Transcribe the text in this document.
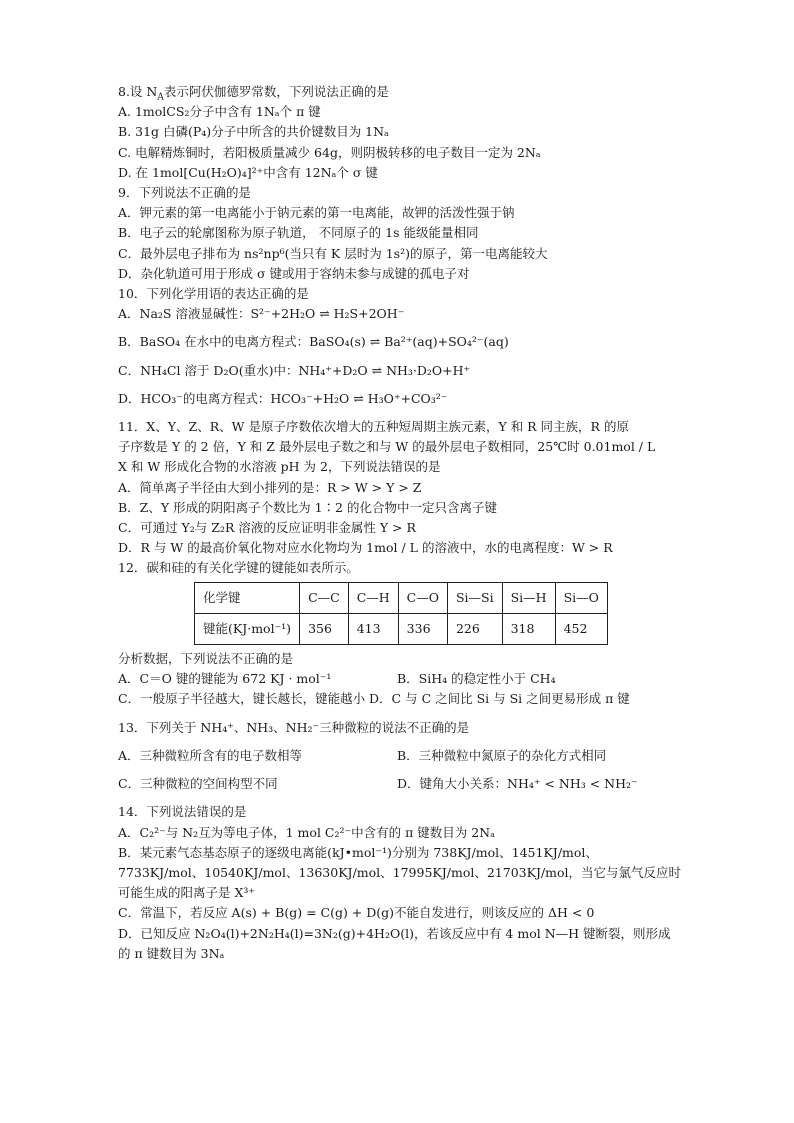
8.设 $N_A$表示阿伏伽德罗常数，下列说法正确的是
A. 1molCS₂分子中含有 1Nₐ个 π 键
B. 31g 白磷(P₄)分子中所含的共价键数目为 1Nₐ
C. 电解精炼铜时，若阳极质量减少 64g，则阴极转移的电子数目一定为 2Nₐ
D. 在 1mol[Cu(H₂O)₄]²⁺中含有 12Nₐ个 σ 键
9．下列说法不正确的是
A．钾元素的第一电离能小于钠元素的第一电离能，故钾的活泼性强于钠
B．电子云的轮廓图称为原子轨道， 不同原子的 1s 能级能量相同
C．最外层电子排布为 ns²np⁶(当只有 K 层时为 1s²)的原子，第一电离能较大
D．杂化轨道可用于形成 σ 键或用于容纳未参与成键的孤电子对
10．下列化学用语的表达正确的是
A．Na₂S 溶液显碱性：S²⁻+2H₂O ⇌ H₂S+2OH⁻
B．BaSO₄ 在水中的电离方程式：BaSO₄(s) ⇌ Ba²⁺(aq)+SO₄²⁻(aq)
C．NH₄Cl 溶于 D₂O(重水)中：NH₄⁺+D₂O ⇌ NH₃·D₂O+H⁺
D．HCO₃⁻的电离方程式：HCO₃⁻+H₂O ⇌ H₃O⁺+CO₃²⁻
11．X、Y、Z、R、W 是原子序数依次增大的五种短周期主族元素，Y 和 R 同主族，R 的原
子序数是 Y 的 2 倍，Y 和 Z 最外层电子数之和与 W 的最外层电子数相同，25℃时 0.01mol / L
X 和 W 形成化合物的水溶液 pH 为 2，下列说法错误的是
A．简单离子半径由大到小排列的是：R > W > Y > Z
B．Z、Y 形成的阴阳离子个数比为 1∶2 的化合物中一定只含离子键
C．可通过 Y₂与 Z₂R 溶液的反应证明非金属性 Y > R
D．R 与 W 的最高价氧化物对应水化物均为 1mol / L 的溶液中，水的电离程度：W > R
12．碳和硅的有关化学键的键能如表所示。
化学键	C—C	C—H	C—O	Si—Si	Si—H	Si—O
键能(KJ·mol⁻¹)	356	413	336	226	318	452
分析数据，下列说法不正确的是
A．C＝O 键的键能为 672 KJ · mol⁻¹	B．SiH₄ 的稳定性小于 CH₄
C．一般原子半径越大，键长越长，键能越小 D．C 与 C 之间比 Si 与 Si 之间更易形成 π 键
13．下列关于 NH₄⁺、NH₃、NH₂⁻三种微粒的说法不正确的是
A．三种微粒所含有的电子数相等	B．三种微粒中氮原子的杂化方式相同
C．三种微粒的空间构型不同	D．键角大小关系：NH₄⁺ < NH₃ < NH₂⁻
14．下列说法错误的是
A．C₂²⁻与 N₂互为等电子体，1 mol C₂²⁻中含有的 π 键数目为 2Nₐ
B．某元素气态基态原子的逐级电离能(kJ•mol⁻¹)分别为 738KJ/mol、1451KJ/mol、
7733KJ/mol、10540KJ/mol、13630KJ/mol、17995KJ/mol、21703KJ/mol，当它与氯气反应时
可能生成的阳离子是 X³⁺
C．常温下，若反应 A(s) + B(g) = C(g) + D(g)不能自发进行，则该反应的 ΔH < 0
D．已知反应 N₂O₄(l)+2N₂H₄(l)=3N₂(g)+4H₂O(l)，若该反应中有 4 mol N—H 键断裂，则形成
的 π 键数目为 3Nₐ
